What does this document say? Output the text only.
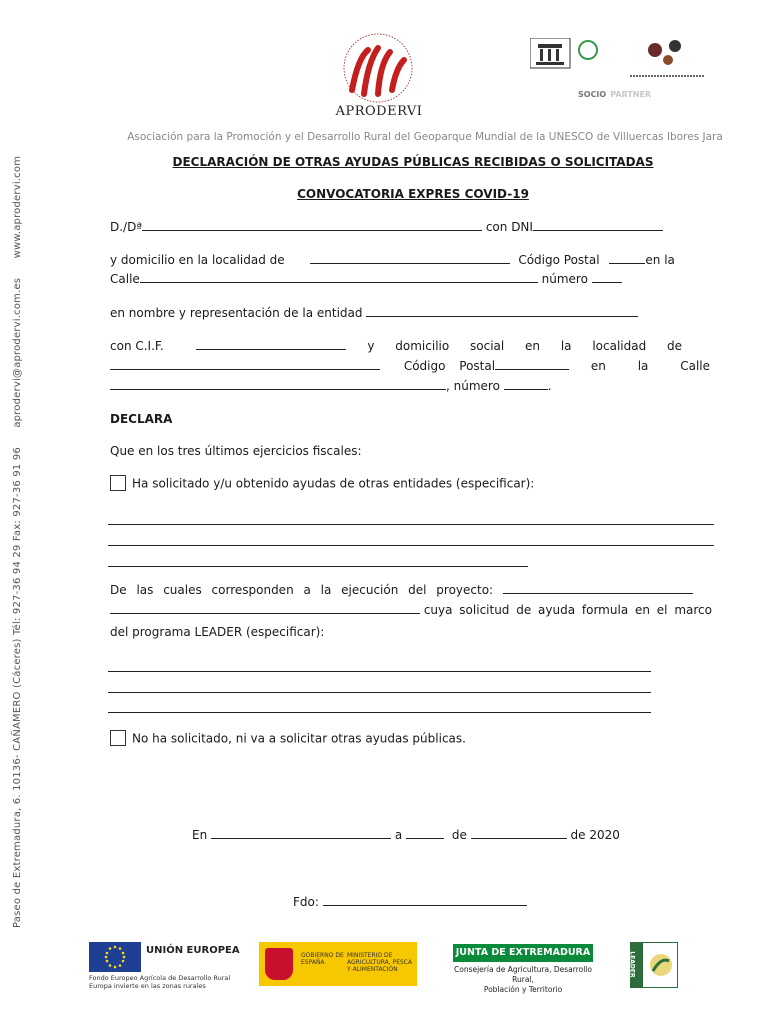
Paseo de Extremadura, 6. 10136- CAÑAMERO (Cáceres) Tél: 927-36 94 29 Fax: 927-36 91 96 aprodervi@aprodervi.com.es www.aprodervi.com
APRODERVI
SOCIO PARTNER
Asociación para la Promoción y el Desarrollo Rural del Geoparque Mundial de la UNESCO de Villuercas Ibores Jara
DECLARACIÓN DE OTRAS AYUDAS PÚBLICAS RECIBIDAS O SOLICITADAS
CONVOCATORIA EXPRES COVID-19
D./Dª	con DNI
y domicilio en la localidad de	Código Postal	en la
Calle	número
en nombre y representación de la entidad
con C.I.F.	y domicilio social en la localidad de
Código Postal	en la Calle
, número	.
DECLARA
Que en los tres últimos ejercicios fiscales:
Ha solicitado y/u obtenido ayudas de otras entidades (especificar):
De las cuales corresponden a la ejecución del proyecto:
cuya solicitud de ayuda formula en el marco
del programa LEADER (especificar):
No ha solicitado, ni va a solicitar otras ayudas públicas.
En	a	de	de 2020
Fdo:
UNIÓN EUROPEA
Fondo Europeo Agrícola de Desarrollo Rural
Europa invierte en las zonas rurales
GOBIERNO DE ESPAÑA
MINISTERIO DE AGRICULTURA, PESCA Y ALIMENTACIÓN
JUNTA DE EXTREMADURA
Consejería de Agricultura, Desarrollo Rural,
Población y Territorio
LEADER
